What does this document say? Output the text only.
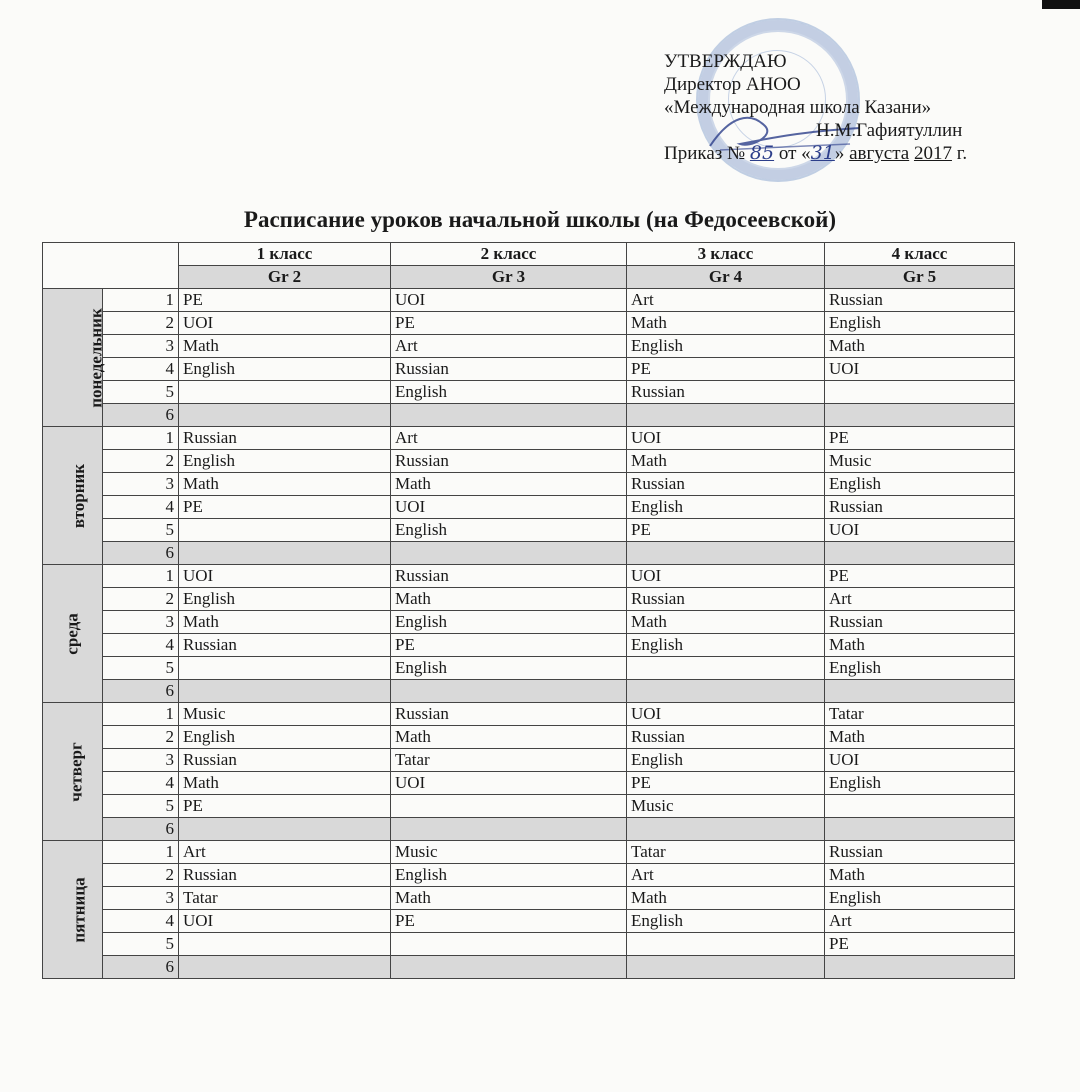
УТВЕРЖДАЮ
Директор АНОО
«Международная школа Казани»
Н.М.Гафиятуллин
Приказ № 85 от «31» августа 2017 г.
Расписание уроков начальной школы (на Федосеевской)
		1 класс	2 класс	3 класс	4 класс
		Gr 2	Gr 3	Gr 4	Gr 5
понедельник	1	PE	UOI	Art	Russian
	2	UOI	PE	Math	English
	3	Math	Art	English	Math
	4	English	Russian	PE	UOI
	5		English	Russian	
	6				
вторник	1	Russian	Art	UOI	PE
	2	English	Russian	Math	Music
	3	Math	Math	Russian	English
	4	PE	UOI	English	Russian
	5		English	PE	UOI
	6				
среда	1	UOI	Russian	UOI	PE
	2	English	Math	Russian	Art
	3	Math	English	Math	Russian
	4	Russian	PE	English	Math
	5		English		English
	6				
четверг	1	Music	Russian	UOI	Tatar
	2	English	Math	Russian	Math
	3	Russian	Tatar	English	UOI
	4	Math	UOI	PE	English
	5	PE		Music	
	6				
пятница	1	Art	Music	Tatar	Russian
	2	Russian	English	Art	Math
	3	Tatar	Math	Math	English
	4	UOI	PE	English	Art
	5				PE
	6				
